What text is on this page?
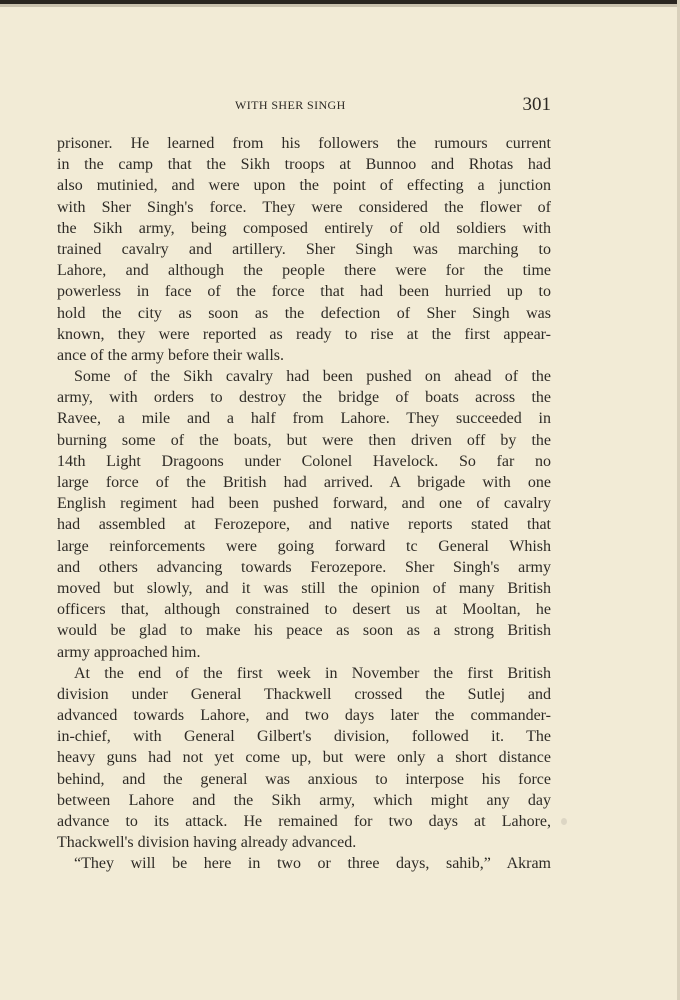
WITH SHER SINGH	301
prisoner. He learned from his followers the rumours current
in the camp that the Sikh troops at Bunnoo and Rhotas had
also mutinied, and were upon the point of effecting a junction
with Sher Singh's force. They were considered the flower of
the Sikh army, being composed entirely of old soldiers with
trained cavalry and artillery. Sher Singh was marching to
Lahore, and although the people there were for the time
powerless in face of the force that had been hurried up to
hold the city as soon as the defection of Sher Singh was
known, they were reported as ready to rise at the first appear-
ance of the army before their walls.
Some of the Sikh cavalry had been pushed on ahead of the
army, with orders to destroy the bridge of boats across the
Ravee, a mile and a half from Lahore. They succeeded in
burning some of the boats, but were then driven off by the
14th Light Dragoons under Colonel Havelock. So far no
large force of the British had arrived. A brigade with one
English regiment had been pushed forward, and one of cavalry
had assembled at Ferozepore, and native reports stated that
large reinforcements were going forward tc General Whish
and others advancing towards Ferozepore. Sher Singh's army
moved but slowly, and it was still the opinion of many British
officers that, although constrained to desert us at Mooltan, he
would be glad to make his peace as soon as a strong British
army approached him.
At the end of the first week in November the first British
division under General Thackwell crossed the Sutlej and
advanced towards Lahore, and two days later the commander-
in-chief, with General Gilbert's division, followed it. The
heavy guns had not yet come up, but were only a short distance
behind, and the general was anxious to interpose his force
between Lahore and the Sikh army, which might any day
advance to its attack. He remained for two days at Lahore,
Thackwell's division having already advanced.
“They will be here in two or three days, sahib,” Akram
